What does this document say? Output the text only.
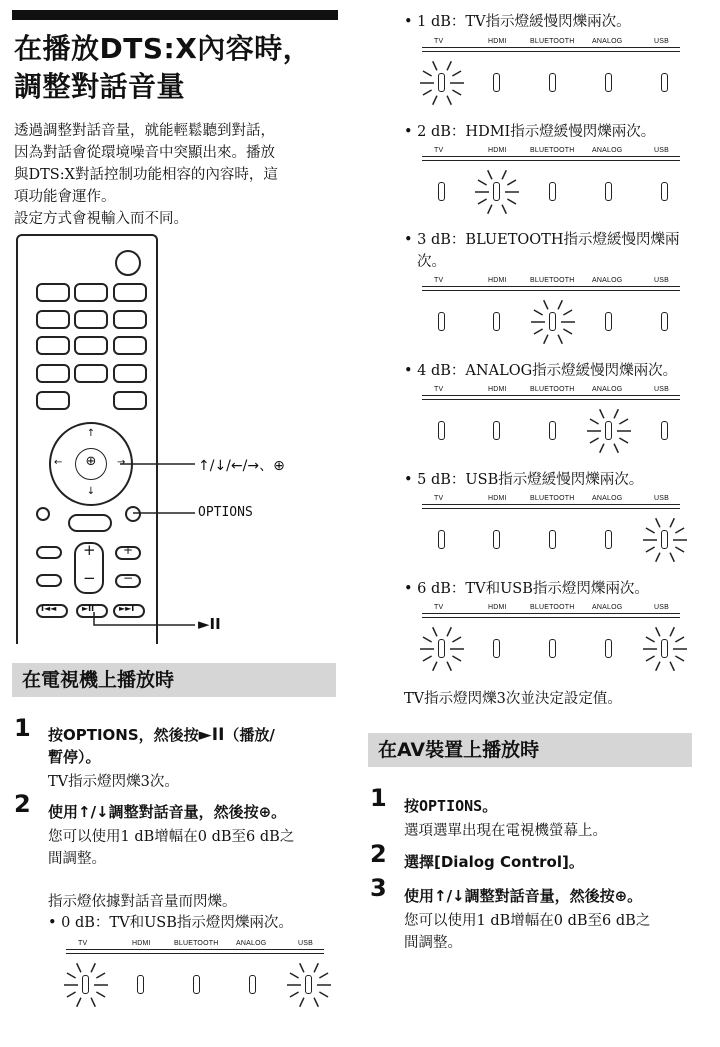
在播放DTS:X內容時，
調整對話音量
透過調整對話音量，就能輕鬆聽到對話，
因為對話會從環境噪音中突顯出來。播放
與DTS:X對話控制功能相容的內容時，這
項功能會運作。
設定方式會視輸入而不同。
↑
↓
←	→
⊕
+
−
+
−
I◄◄	►II	►►I
↑/↓/←/→、⊕
OPTIONS
►II
在電視機上播放時
1 按OPTIONS，然後按►II（播放/
暫停）。
TV指示燈閃爍3次。
2 使用↑/↓調整對話音量，然後按⊕。
您可以使用1 dB增幅在0 dB至6 dB之
間調整。
指示燈依據對話音量而閃爍。
• 0 dB：TV和USB指示燈閃爍兩次。
TV	HDMI	BLUETOOTH	ANALOG	USB
TV	HDMI	BLUETOOTH	ANALOG	USB
TV	HDMI	BLUETOOTH	ANALOG	USB
TV	HDMI	BLUETOOTH	ANALOG	USB
TV	HDMI	BLUETOOTH	ANALOG	USB
TV	HDMI	BLUETOOTH	ANALOG	USB
TV	HDMI	BLUETOOTH	ANALOG	USB
• 1 dB：TV指示燈緩慢閃爍兩次。
• 2 dB：HDMI指示燈緩慢閃爍兩次。
• 3 dB：BLUETOOTH指示燈緩慢閃爍兩
次。
• 4 dB：ANALOG指示燈緩慢閃爍兩次。
• 5 dB：USB指示燈緩慢閃爍兩次。
• 6 dB：TV和USB指示燈閃爍兩次。
TV指示燈閃爍3次並決定設定值。
在AV裝置上播放時
1 按OPTIONS。
選項選單出現在電視機螢幕上。
2 選擇[Dialog Control]。
3 使用↑/↓調整對話音量，然後按⊕。
您可以使用1 dB增幅在0 dB至6 dB之
間調整。
